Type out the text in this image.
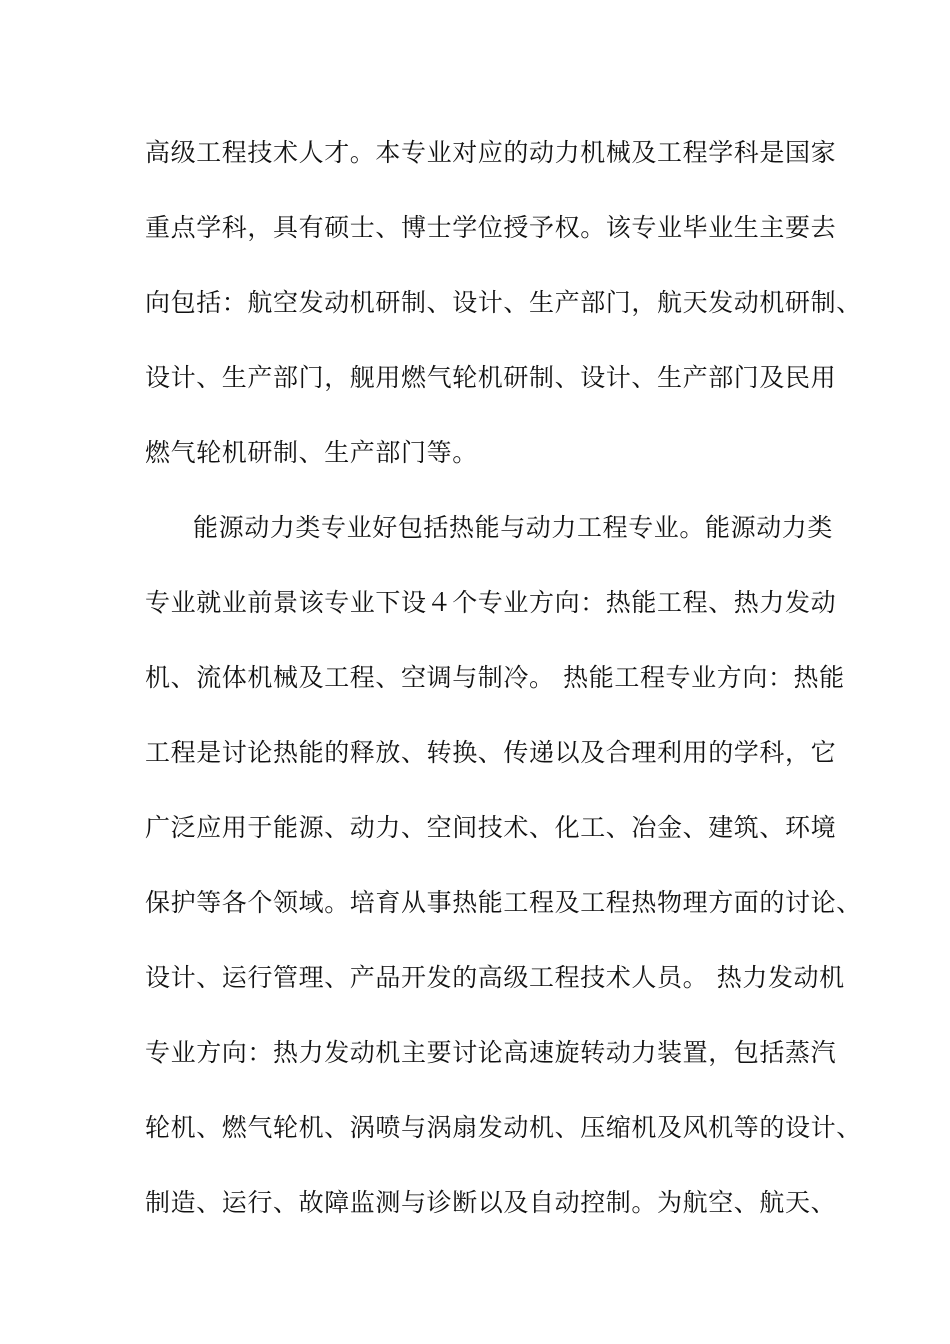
高级工程技术人才。本专业对应的动力机械及工程学科是国家
重点学科，具有硕士、博士学位授予权。该专业毕业生主要去
向包括：航空发动机研制、设计、生产部门，航天发动机研制、
设计、生产部门，舰用燃气轮机研制、设计、生产部门及民用
燃气轮机研制、生产部门等。
能源动力类专业好包括热能与动力工程专业。能源动力类
专业就业前景该专业下设４个专业方向：热能工程、热力发动
机、流体机械及工程、空调与制冷。 热能工程专业方向：热能
工程是讨论热能的释放、转换、传递以及合理利用的学科，它
广泛应用于能源、动力、空间技术、化工、冶金、建筑、环境
保护等各个领域。培育从事热能工程及工程热物理方面的讨论、
设计、运行管理、产品开发的高级工程技术人员。 热力发动机
专业方向：热力发动机主要讨论高速旋转动力装置，包括蒸汽
轮机、燃气轮机、涡喷与涡扇发动机、压缩机及风机等的设计、
制造、运行、故障监测与诊断以及自动控制。为航空、航天、
